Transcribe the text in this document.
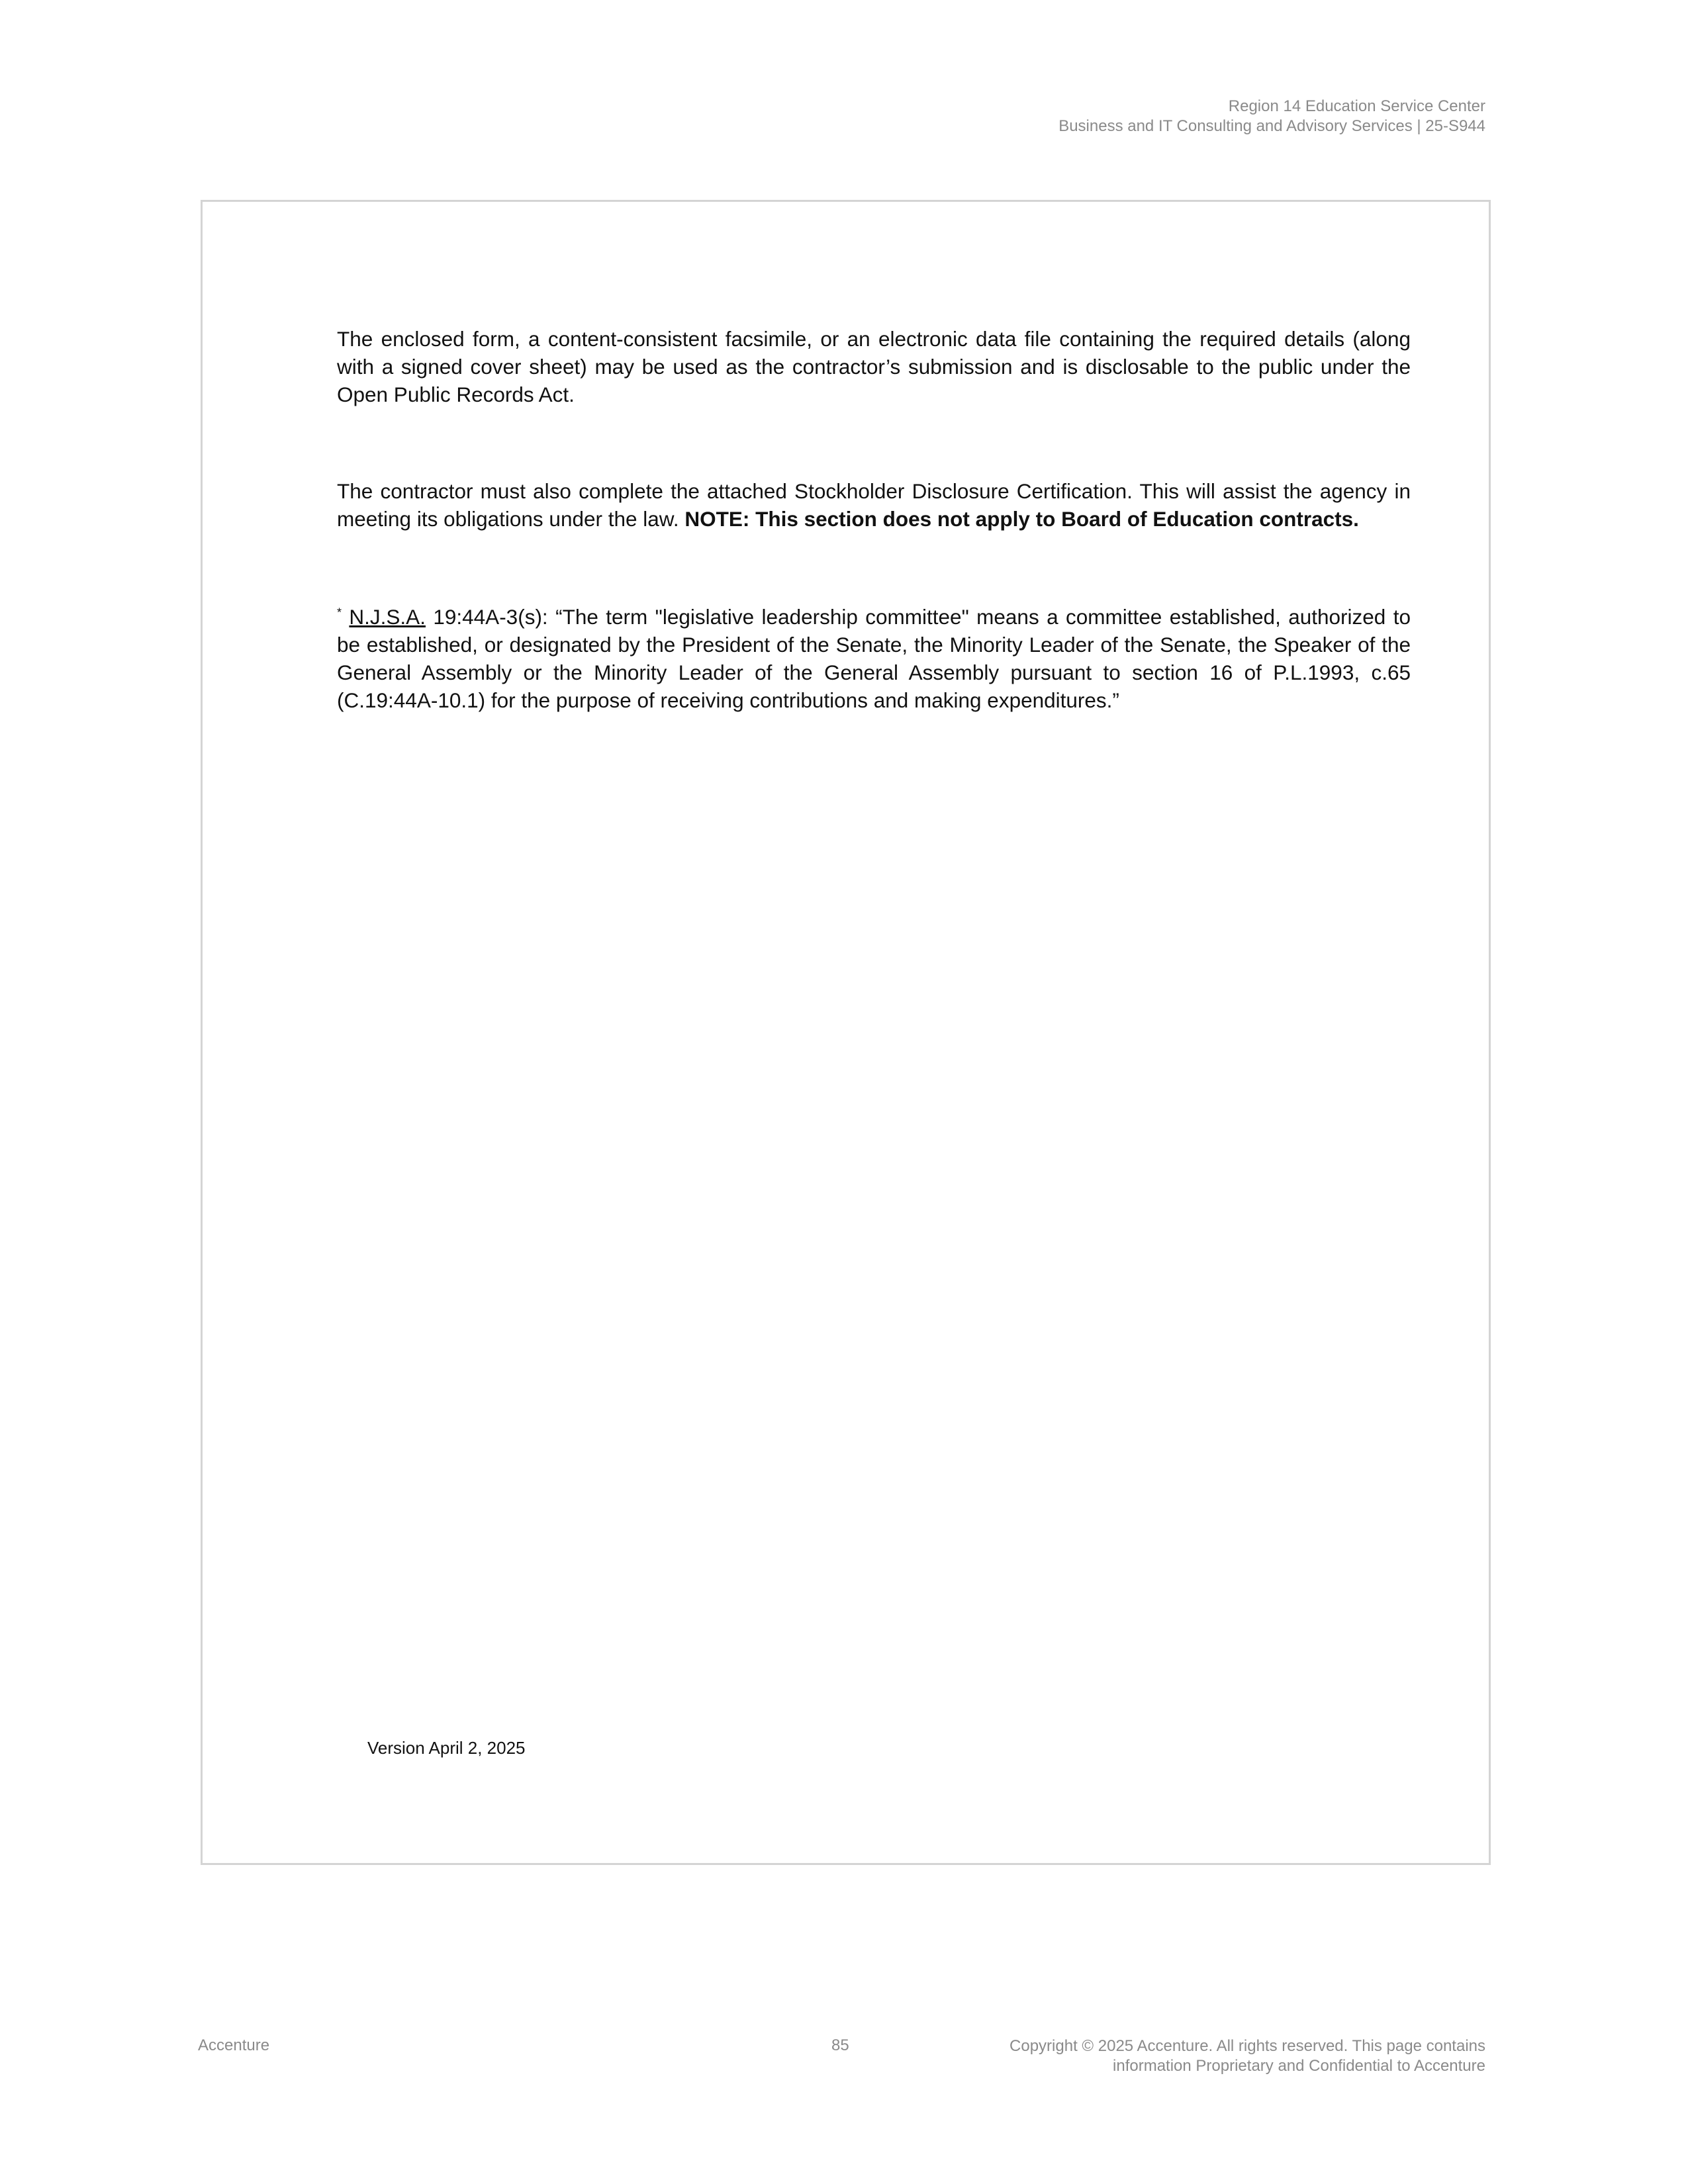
Region 14 Education Service Center
Business and IT Consulting and Advisory Services | 25-S944

The enclosed form, a content-consistent facsimile, or an electronic data file containing the required details (along with a signed cover sheet) may be used as the contractor’s submission and is disclosable to the public under the Open Public Records Act.

The contractor must also complete the attached Stockholder Disclosure Certification. This will assist the agency in meeting its obligations under the law. NOTE: This section does not apply to Board of Education contracts.

* N.J.S.A. 19:44A-3(s): “The term "legislative leadership committee" means a committee established, authorized to be established, or designated by the President of the Senate, the Minority Leader of the Senate, the Speaker of the General Assembly or the Minority Leader of the General Assembly pursuant to section 16 of P.L.1993, c.65 (C.19:44A-10.1) for the purpose of receiving contributions and making expenditures.”

Version April 2, 2025
Accenture	85	Copyright © 2025 Accenture. All rights reserved. This page contains
information Proprietary and Confidential to Accenture
